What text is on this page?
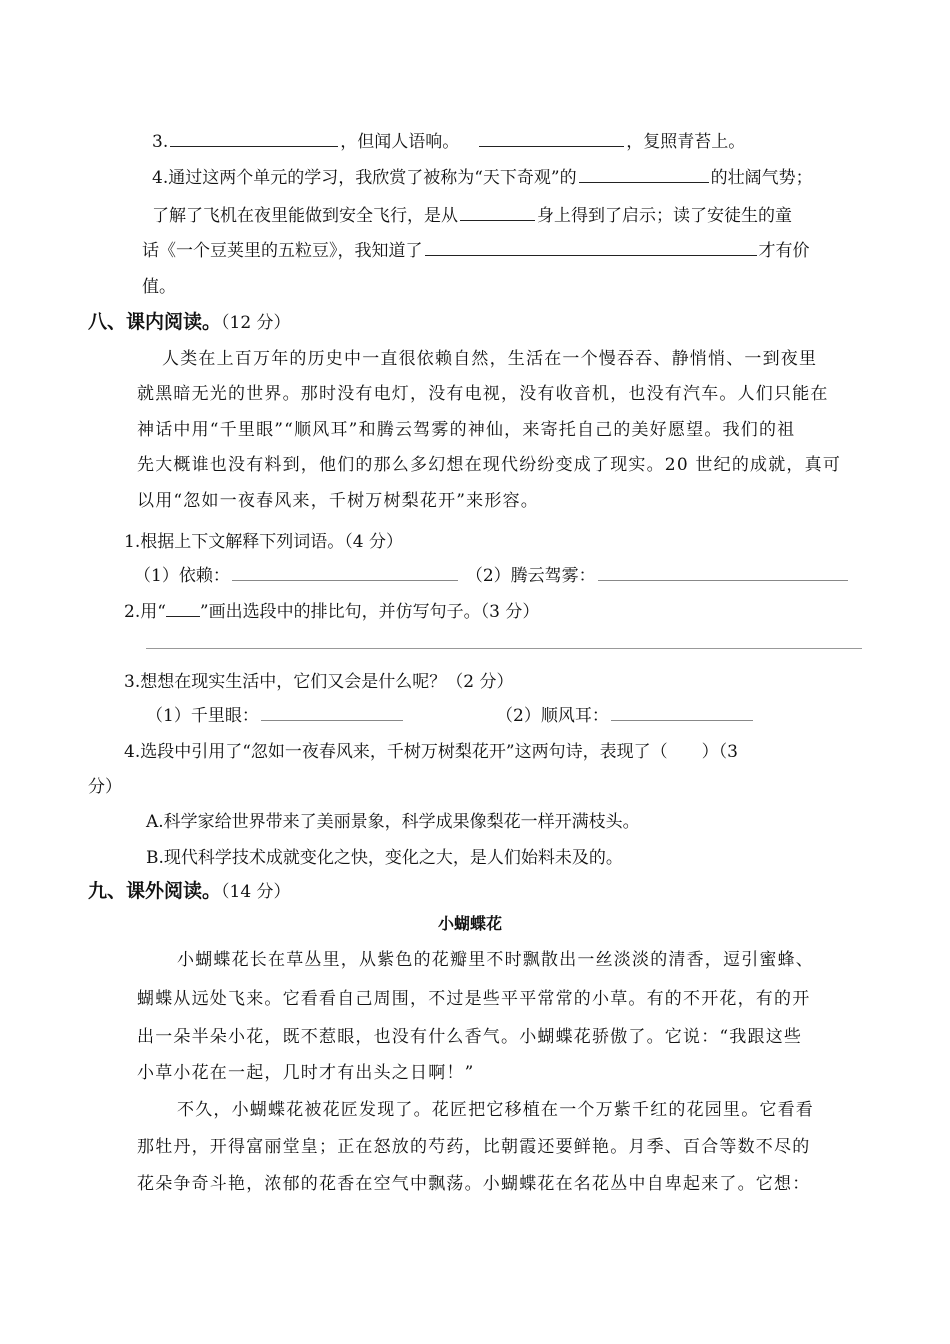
3.	，但闻人语响。	，复照青苔上。
4.通过这两个单元的学习，我欣赏了被称为“天下奇观”的	的壮阔气势；
了解了飞机在夜里能做到安全飞行，是从	身上得到了启示；读了安徒生的童
话《一个豆荚里的五粒豆》，我知道了	才有价
值。
八、课内阅读。（12 分）
人类在上百万年的历史中一直很依赖自然，生活在一个慢吞吞、静悄悄、一到夜里
就黑暗无光的世界。那时没有电灯，没有电视，没有收音机，也没有汽车。人们只能在
神话中用“千里眼”“顺风耳”和腾云驾雾的神仙，来寄托自己的美好愿望。我们的祖
先大概谁也没有料到，他们的那么多幻想在现代纷纷变成了现实。20 世纪的成就，真可
以用“忽如一夜春风来，千树万树梨花开”来形容。
1.根据上下文解释下列词语。（4 分）
（1）依赖：	（2）腾云驾雾：
2.用“ ”画出选段中的排比句，并仿写句子。（3 分）
3.想想在现实生活中，它们又会是什么呢？（2 分）
（1）千里眼：	（2）顺风耳：
4.选段中引用了“忽如一夜春风来，千树万树梨花开”这两句诗，表现了（　　）（3
分）
A.科学家给世界带来了美丽景象，科学成果像梨花一样开满枝头。
B.现代科学技术成就变化之快，变化之大，是人们始料未及的。
九、课外阅读。（14 分）
小蝴蝶花
小蝴蝶花长在草丛里，从紫色的花瓣里不时飘散出一丝淡淡的清香，逗引蜜蜂、
蝴蝶从远处飞来。它看看自己周围，不过是些平平常常的小草。有的不开花，有的开
出一朵半朵小花，既不惹眼，也没有什么香气。小蝴蝶花骄傲了。它说：“我跟这些
小草小花在一起，几时才有出头之日啊！”
不久，小蝴蝶花被花匠发现了。花匠把它移植在一个万紫千红的花园里。它看看
那牡丹，开得富丽堂皇；正在怒放的芍药，比朝霞还要鲜艳。月季、百合等数不尽的
花朵争奇斗艳，浓郁的花香在空气中飘荡。小蝴蝶花在名花丛中自卑起来了。它想：
